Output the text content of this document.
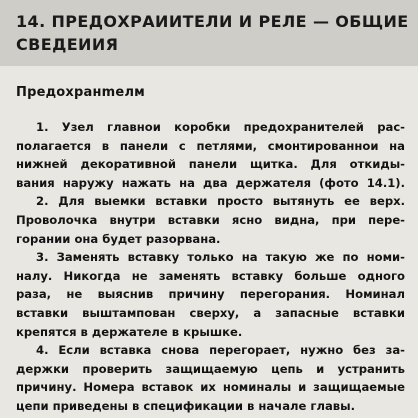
14. ПРЕДОХРАИИТЕЛИ И РЕЛЕ — ОБЩИЕ
СВЕДЕИИЯ
Предохранmелм
1. Узел главнои коробки предохранителей рас-
полагается в панели с петлями, смонтированнои на
нижней декоративной панели щитка. Для откиды-
вания наружу нажать на два держателя (фото 14.1).
2. Для выемки вставки просто вытянуть ее верх.
Проволочка внутри вставки ясно видна, при пере-
горании она будет разорвана.
3. Заменять вставку только на такую же по номи-
налу. Никогда не заменять вставку больше одного
раза, не выяснив причину перегорания. Номинал
вставки выштампован сверху, а запасные вставки
крепятся в держателе в крышке.
4. Если вставка снова перегорает, нужно без за-
держки проверить защищаемую цепь и устранить
причину. Номера вставок их номиналы и защищаемые
цепи приведены в спецификации в начале главы.
